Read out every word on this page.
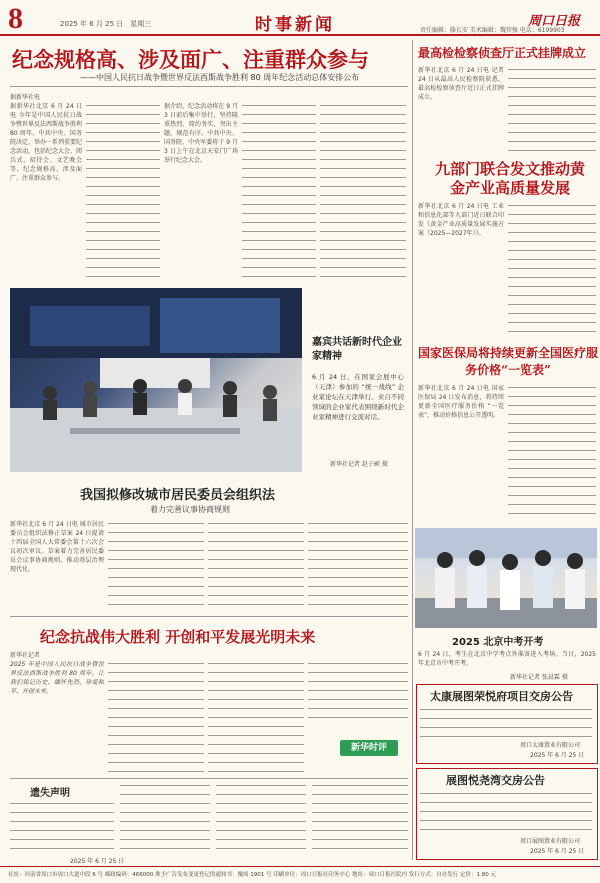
8	2025 年 6 月 25 日　星期三	时事新闻	周口日报
责任编辑：滕长安 美术编辑：魏智强 电话：6199903
纪念规格高、涉及面广、注重群众参与
——中国人民抗日战争暨世界反法西斯战争胜利 80 周年纪念活动总体安排公布
据新华社电
据新华社北京 6 月 24 日电 今年是中国人民抗日战争暨世界反法西斯战争胜利 80 周年。中共中央、国务院决定，举办一系列重要纪念活动，包括纪念大会、阅兵式、招待会、文艺晚会等。纪念规格高、涉及面广、注重群众参与。
据介绍，纪念活动将在 9 月 3 日前后集中举行，坚持隆重热烈、简约务实，突出主题，规范有序。中共中央、国务院、中央军委将于 9 月 3 日上午在北京天安门广场举行纪念大会。
嘉宾共话新时代企业家精神
6 月 24 日，在国家会展中心（天津）参加的 “统一战线” 企业家论坛在天津举行。来自不同领域的企业家代表围绕新时代企业家精神进行交流对话。
新华社记者 赵子硕 摄
我国拟修改城市居民委员会组织法
着力完善议事协商规则
新华社北京 6 月 24 日电 城市居民委员会组织法修正草案 24 日提请十四届全国人大常委会第十六次会议初次审议。草案着力完善居民委员会议事协商规则，推动基层治理现代化。
纪念抗战伟大胜利 开创和平发展光明未来
新华社记者
2025 年是中国人民抗日战争暨世界反法西斯战争胜利 80 周年。让我们铭记历史、缅怀先烈、珍爱和平、开创未来。
新华时评
遗失声明
2025 年 6 月 25 日
最高检检察侦查厅正式挂牌成立
新华社北京 6 月 24 日电 记者 24 日从最高人民检察院获悉，最高检检察侦查厅近日正式挂牌成立。
九部门联合发文推动黄金产业高质量发展
新华社北京 6 月 24 日电 工业和信息化部等九部门近日联合印发《黄金产业高质量发展实施方案（2025—2027年）》。
国家医保局将持续更新全国医疗服务价格“一览表”
新华社北京 6 月 24 日电 国家医保局 24 日发布消息，将持续更新全国医疗服务价格 “一览表”，推动价格信息公开透明。
2025 北京中考开考
6 月 24 日，考生在北京中学考点外准备进入考场。当日，2025 年北京市中考开考。
新华社记者 张晨霖 摄
太康展图荣悦府项目交房公告
周口太康置业有限公司
2025 年 6 月 25 日
展图悦尧湾交房公告
周口展图置业有限公司
2025 年 6 月 25 日
社址：河南省周口市周口大道中段 6 号 邮政编码：466000 准予广告发布变更登记的通知书：豫周 1901 号 印刷单位：周口日报社印务中心 地址：周口日报社院内 发行方式：自办发行 定价：1.80 元
